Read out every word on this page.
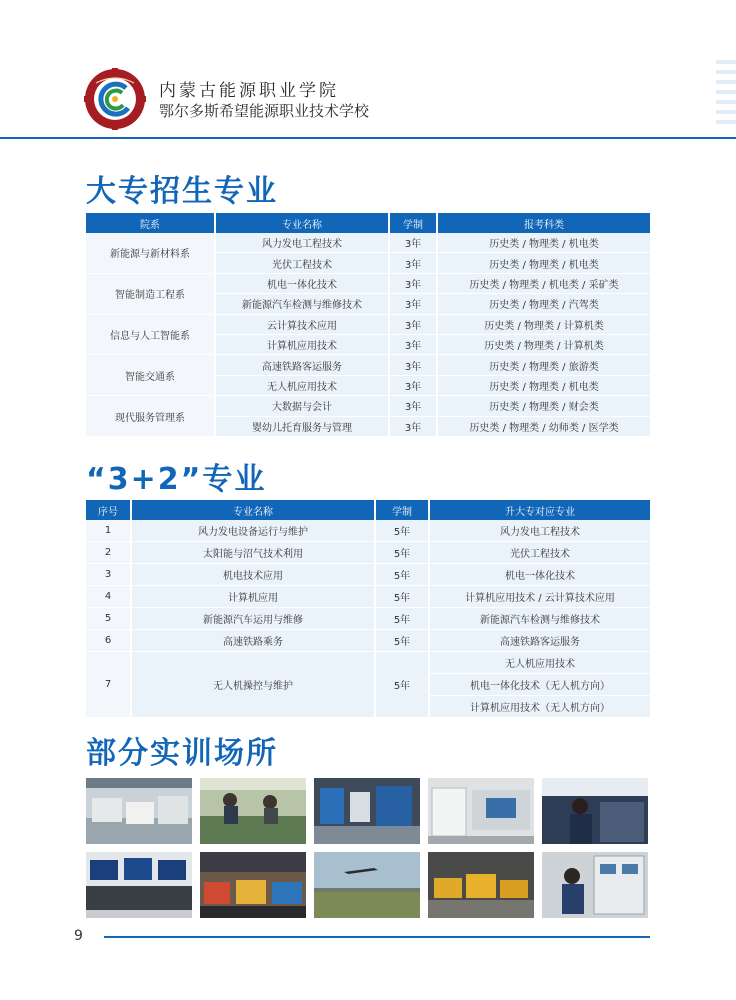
内蒙古能源职业学院
鄂尔多斯希望能源职业技术学校
大专招生专业
院系	专业名称	学制	报考科类
新能源与新材料系	风力发电工程技术	3年	历史类 / 物理类 / 机电类
	光伏工程技术	3年	历史类 / 物理类 / 机电类
智能制造工程系	机电一体化技术	3年	历史类 / 物理类 / 机电类 / 采矿类
	新能源汽车检测与维修技术	3年	历史类 / 物理类 / 汽驾类
信息与人工智能系	云计算技术应用	3年	历史类 / 物理类 / 计算机类
	计算机应用技术	3年	历史类 / 物理类 / 计算机类
智能交通系	高速铁路客运服务	3年	历史类 / 物理类 / 旅游类
	无人机应用技术	3年	历史类 / 物理类 / 机电类
现代服务管理系	大数据与会计	3年	历史类 / 物理类 / 财会类
	婴幼儿托育服务与管理	3年	历史类 / 物理类 / 幼师类 / 医学类
“3+2”专业
序号	专业名称	学制	升大专对应专业
1	风力发电设备运行与维护	5年	风力发电工程技术
2	太阳能与沼气技术利用	5年	光伏工程技术
3	机电技术应用	5年	机电一体化技术
4	计算机应用	5年	计算机应用技术 / 云计算技术应用
5	新能源汽车运用与维修	5年	新能源汽车检测与维修技术
6	高速铁路乘务	5年	高速铁路客运服务
7	无人机操控与维护	5年	无人机应用技术
			机电一体化技术（无人机方向）
			计算机应用技术（无人机方向）
部分实训场所
9
